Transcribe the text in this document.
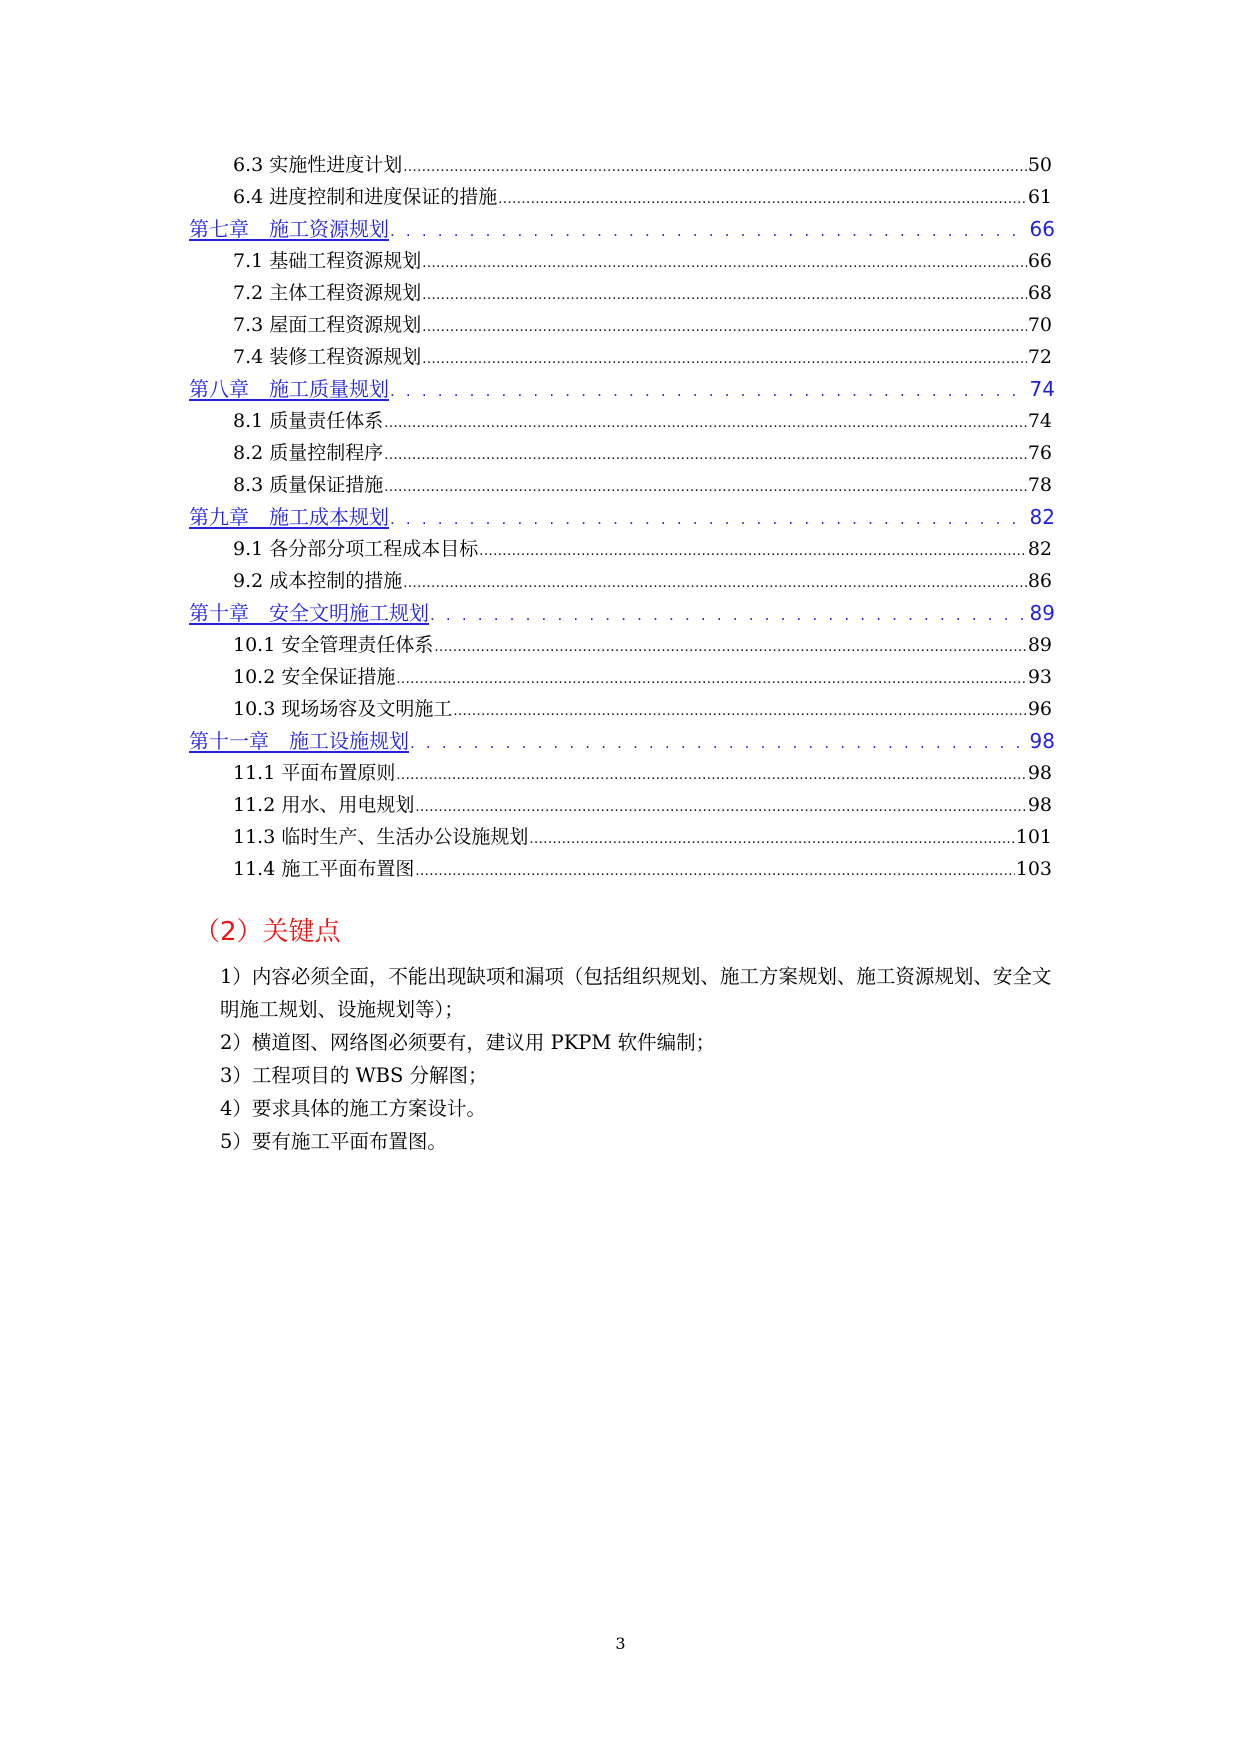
6.3 实施性进度计划 .....	50
6.4 进度控制和进度保证的措施 .....	61
第七章　施工资源规划 . . .	66
7.1 基础工程资源规划 .....	66
7.2 主体工程资源规划 .....	68
7.3 屋面工程资源规划 .....	70
7.4 装修工程资源规划 .....	72
第八章　施工质量规划 . . .	74
8.1 质量责任体系 .....	74
8.2 质量控制程序 .....	76
8.3 质量保证措施 .....	78
第九章　施工成本规划 . . .	82
9.1 各分部分项工程成本目标 .....	82
9.2 成本控制的措施 .....	86
第十章　安全文明施工规划 . . .	89
10.1 安全管理责任体系 .....	89
10.2 安全保证措施 .....	93
10.3 现场场容及文明施工 .....	96
第十一章　施工设施规划 . . .	98
11.1 平面布置原则 .....	98
11.2 用水、用电规划 .....	98
11.3 临时生产、生活办公设施规划 .....	101
11.4 施工平面布置图 .....	103
（2）关键点

1）内容必须全面，不能出现缺项和漏项（包括组织规划、施工方案规划、施工资源规划、安全文明施工规划、设施规划等）；

2）横道图、网络图必须要有，建议用 PKPM 软件编制；

3）工程项目的 WBS 分解图；

4）要求具体的施工方案设计。

5）要有施工平面布置图。

3
